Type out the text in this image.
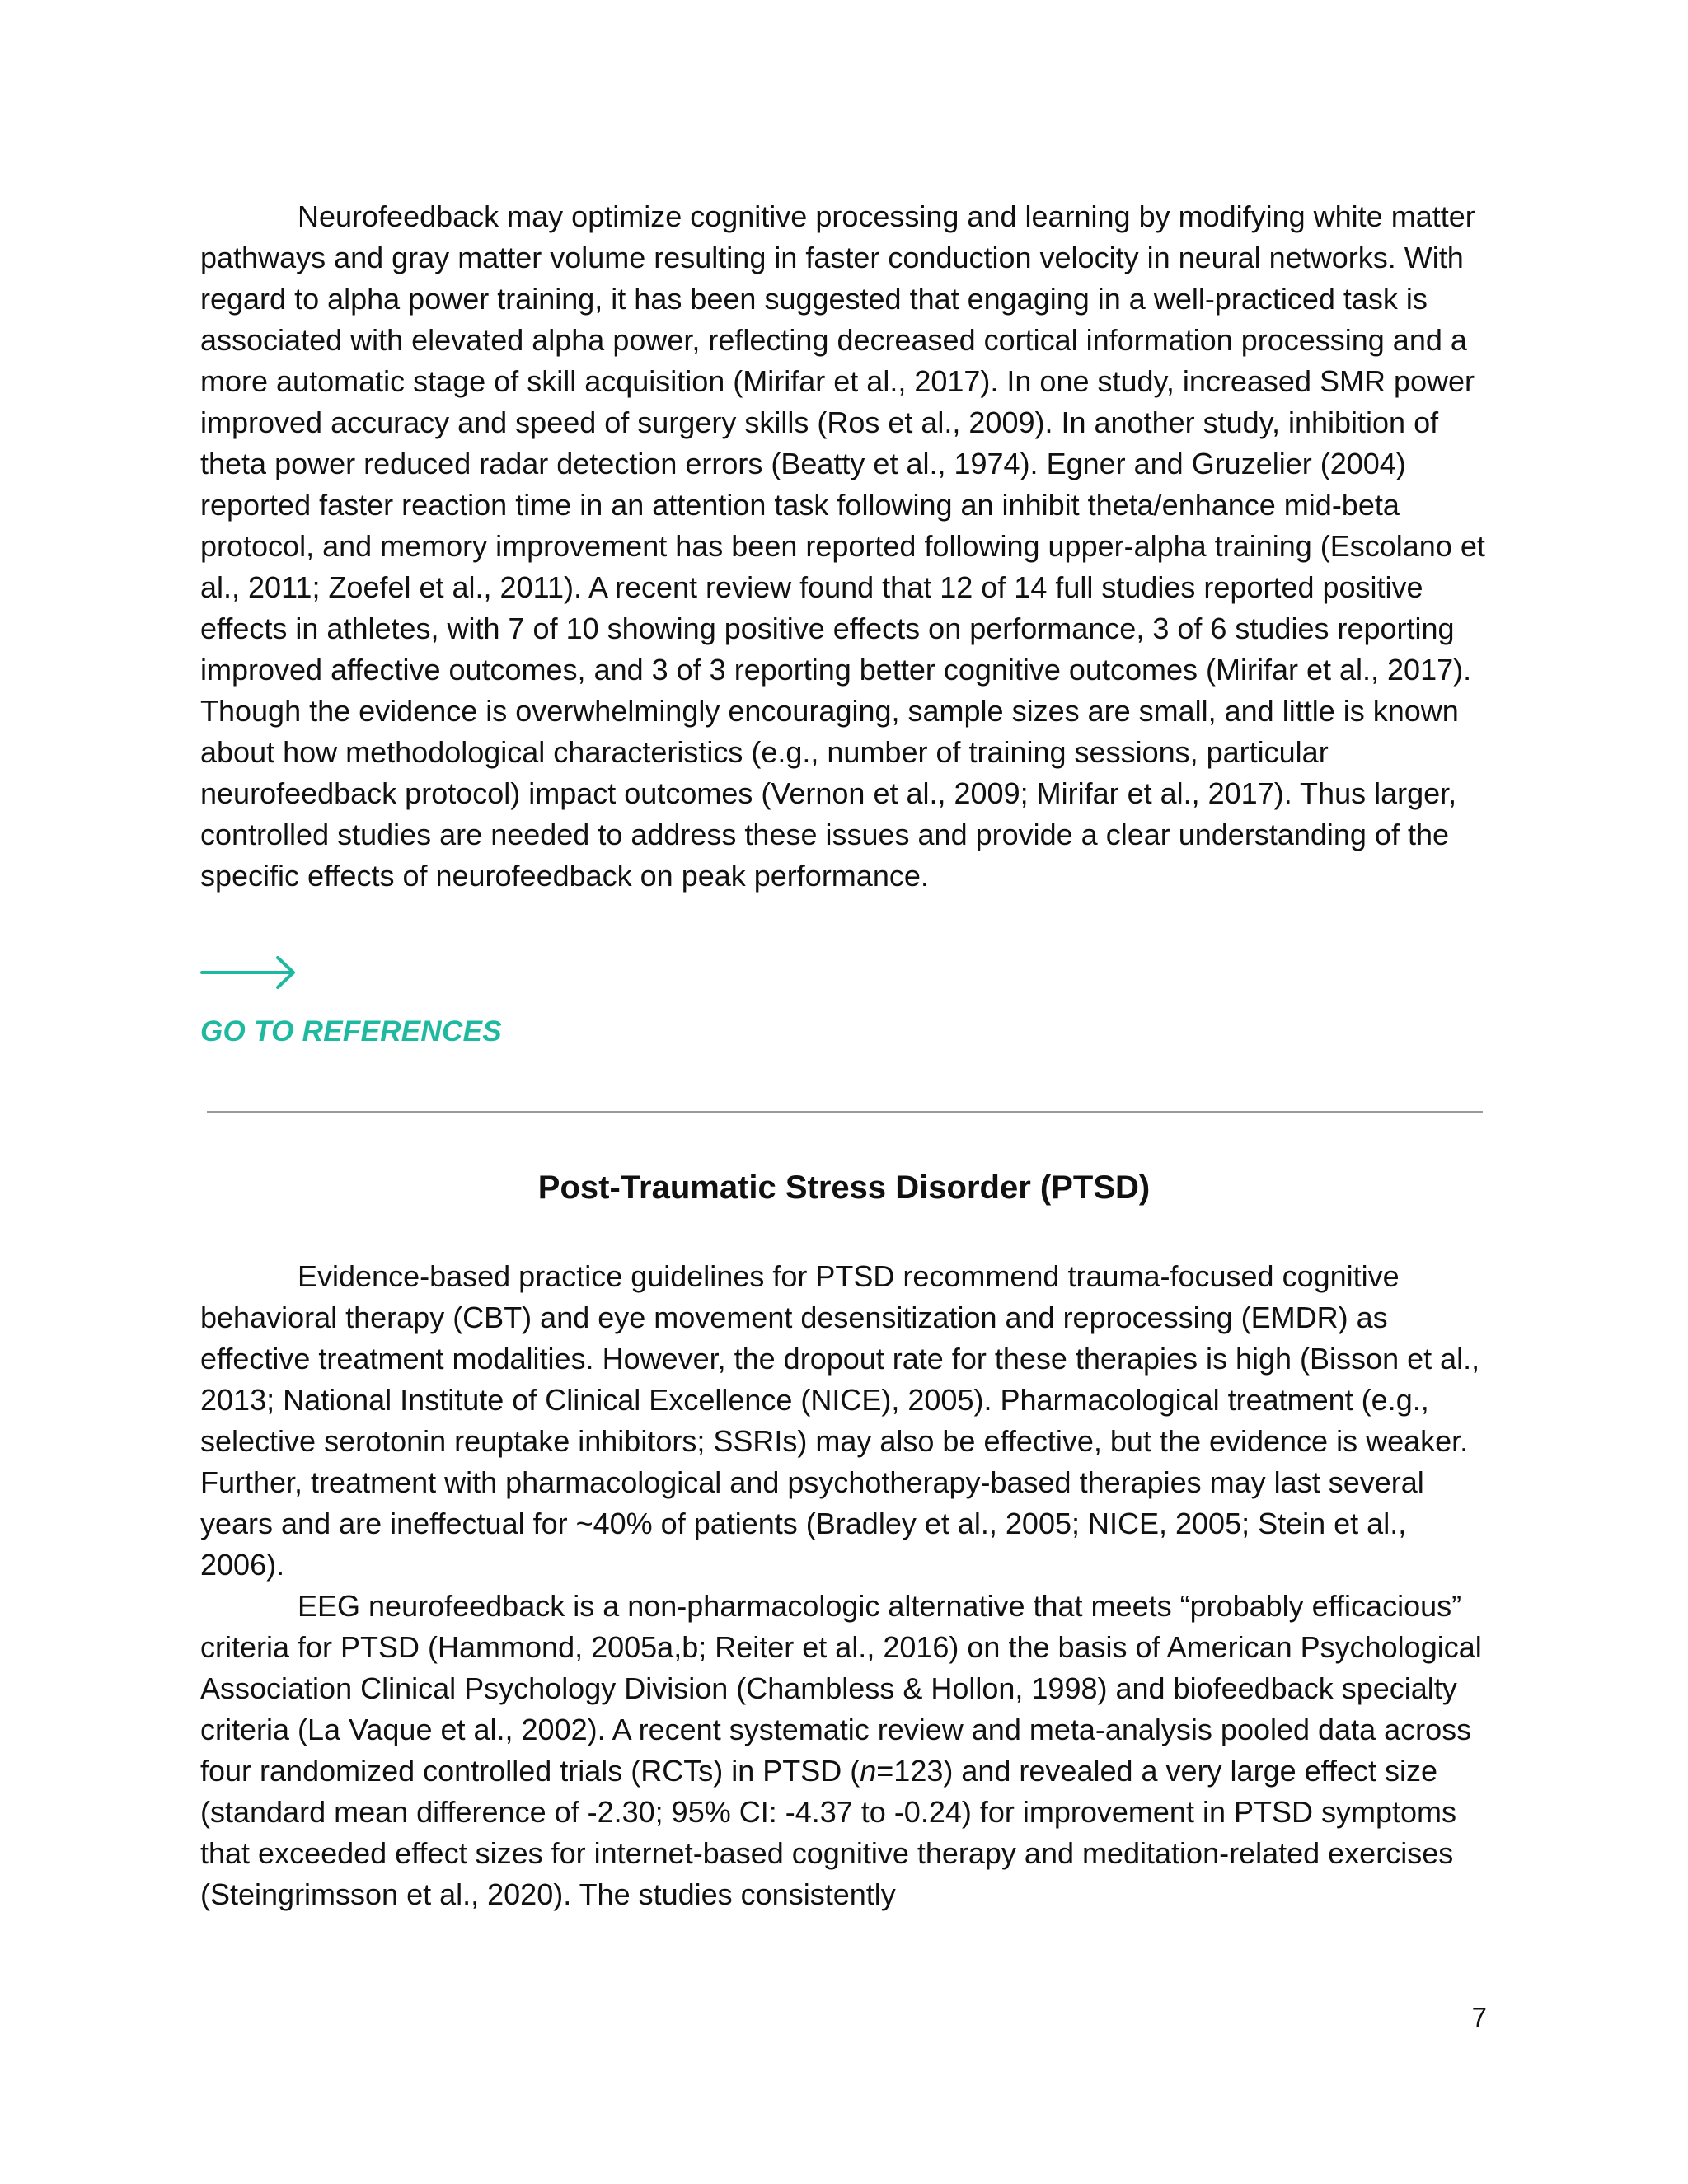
Neurofeedback may optimize cognitive processing and learning by modifying white matter pathways and gray matter volume resulting in faster conduction velocity in neural networks. With regard to alpha power training, it has been suggested that engaging in a well-practiced task is associated with elevated alpha power, reflecting decreased cortical information processing and a more automatic stage of skill acquisition (Mirifar et al., 2017). In one study, increased SMR power improved accuracy and speed of surgery skills (Ros et al., 2009). In another study, inhibition of theta power reduced radar detection errors (Beatty et al., 1974). Egner and Gruzelier (2004) reported faster reaction time in an attention task following an inhibit theta/enhance mid-beta protocol, and memory improvement has been reported following upper-alpha training (Escolano et al., 2011; Zoefel et al., 2011). A recent review found that 12 of 14 full studies reported positive effects in athletes, with 7 of 10 showing positive effects on performance, 3 of 6 studies reporting improved affective outcomes, and 3 of 3 reporting better cognitive outcomes (Mirifar et al., 2017). Though the evidence is overwhelmingly encouraging, sample sizes are small, and little is known about how methodological characteristics (e.g., number of training sessions, particular neurofeedback protocol) impact outcomes (Vernon et al., 2009; Mirifar et al., 2017). Thus larger, controlled studies are needed to address these issues and provide a clear understanding of the specific effects of neurofeedback on peak performance.

GO TO REFERENCES
Post-Traumatic Stress Disorder (PTSD)

Evidence-based practice guidelines for PTSD recommend trauma-focused cognitive behavioral therapy (CBT) and eye movement desensitization and reprocessing (EMDR) as effective treatment modalities. However, the dropout rate for these therapies is high (Bisson et al., 2013; National Institute of Clinical Excellence (NICE), 2005). Pharmacological treatment (e.g., selective serotonin reuptake inhibitors; SSRIs) may also be effective, but the evidence is weaker. Further, treatment with pharmacological and psychotherapy-based therapies may last several years and are ineffectual for ~40% of patients (Bradley et al., 2005; NICE, 2005; Stein et al., 2006).

EEG neurofeedback is a non-pharmacologic alternative that meets “probably efficacious” criteria for PTSD (Hammond, 2005a,b; Reiter et al., 2016) on the basis of American Psychological Association Clinical Psychology Division (Chambless & Hollon, 1998) and biofeedback specialty criteria (La Vaque et al., 2002). A recent systematic review and meta-analysis pooled data across four randomized controlled trials (RCTs) in PTSD (n=123) and revealed a very large effect size (standard mean difference of -2.30; 95% CI: -4.37 to -0.24) for improvement in PTSD symptoms that exceeded effect sizes for internet-based cognitive therapy and meditation-related exercises (Steingrimsson et al., 2020). The studies consistently

7
